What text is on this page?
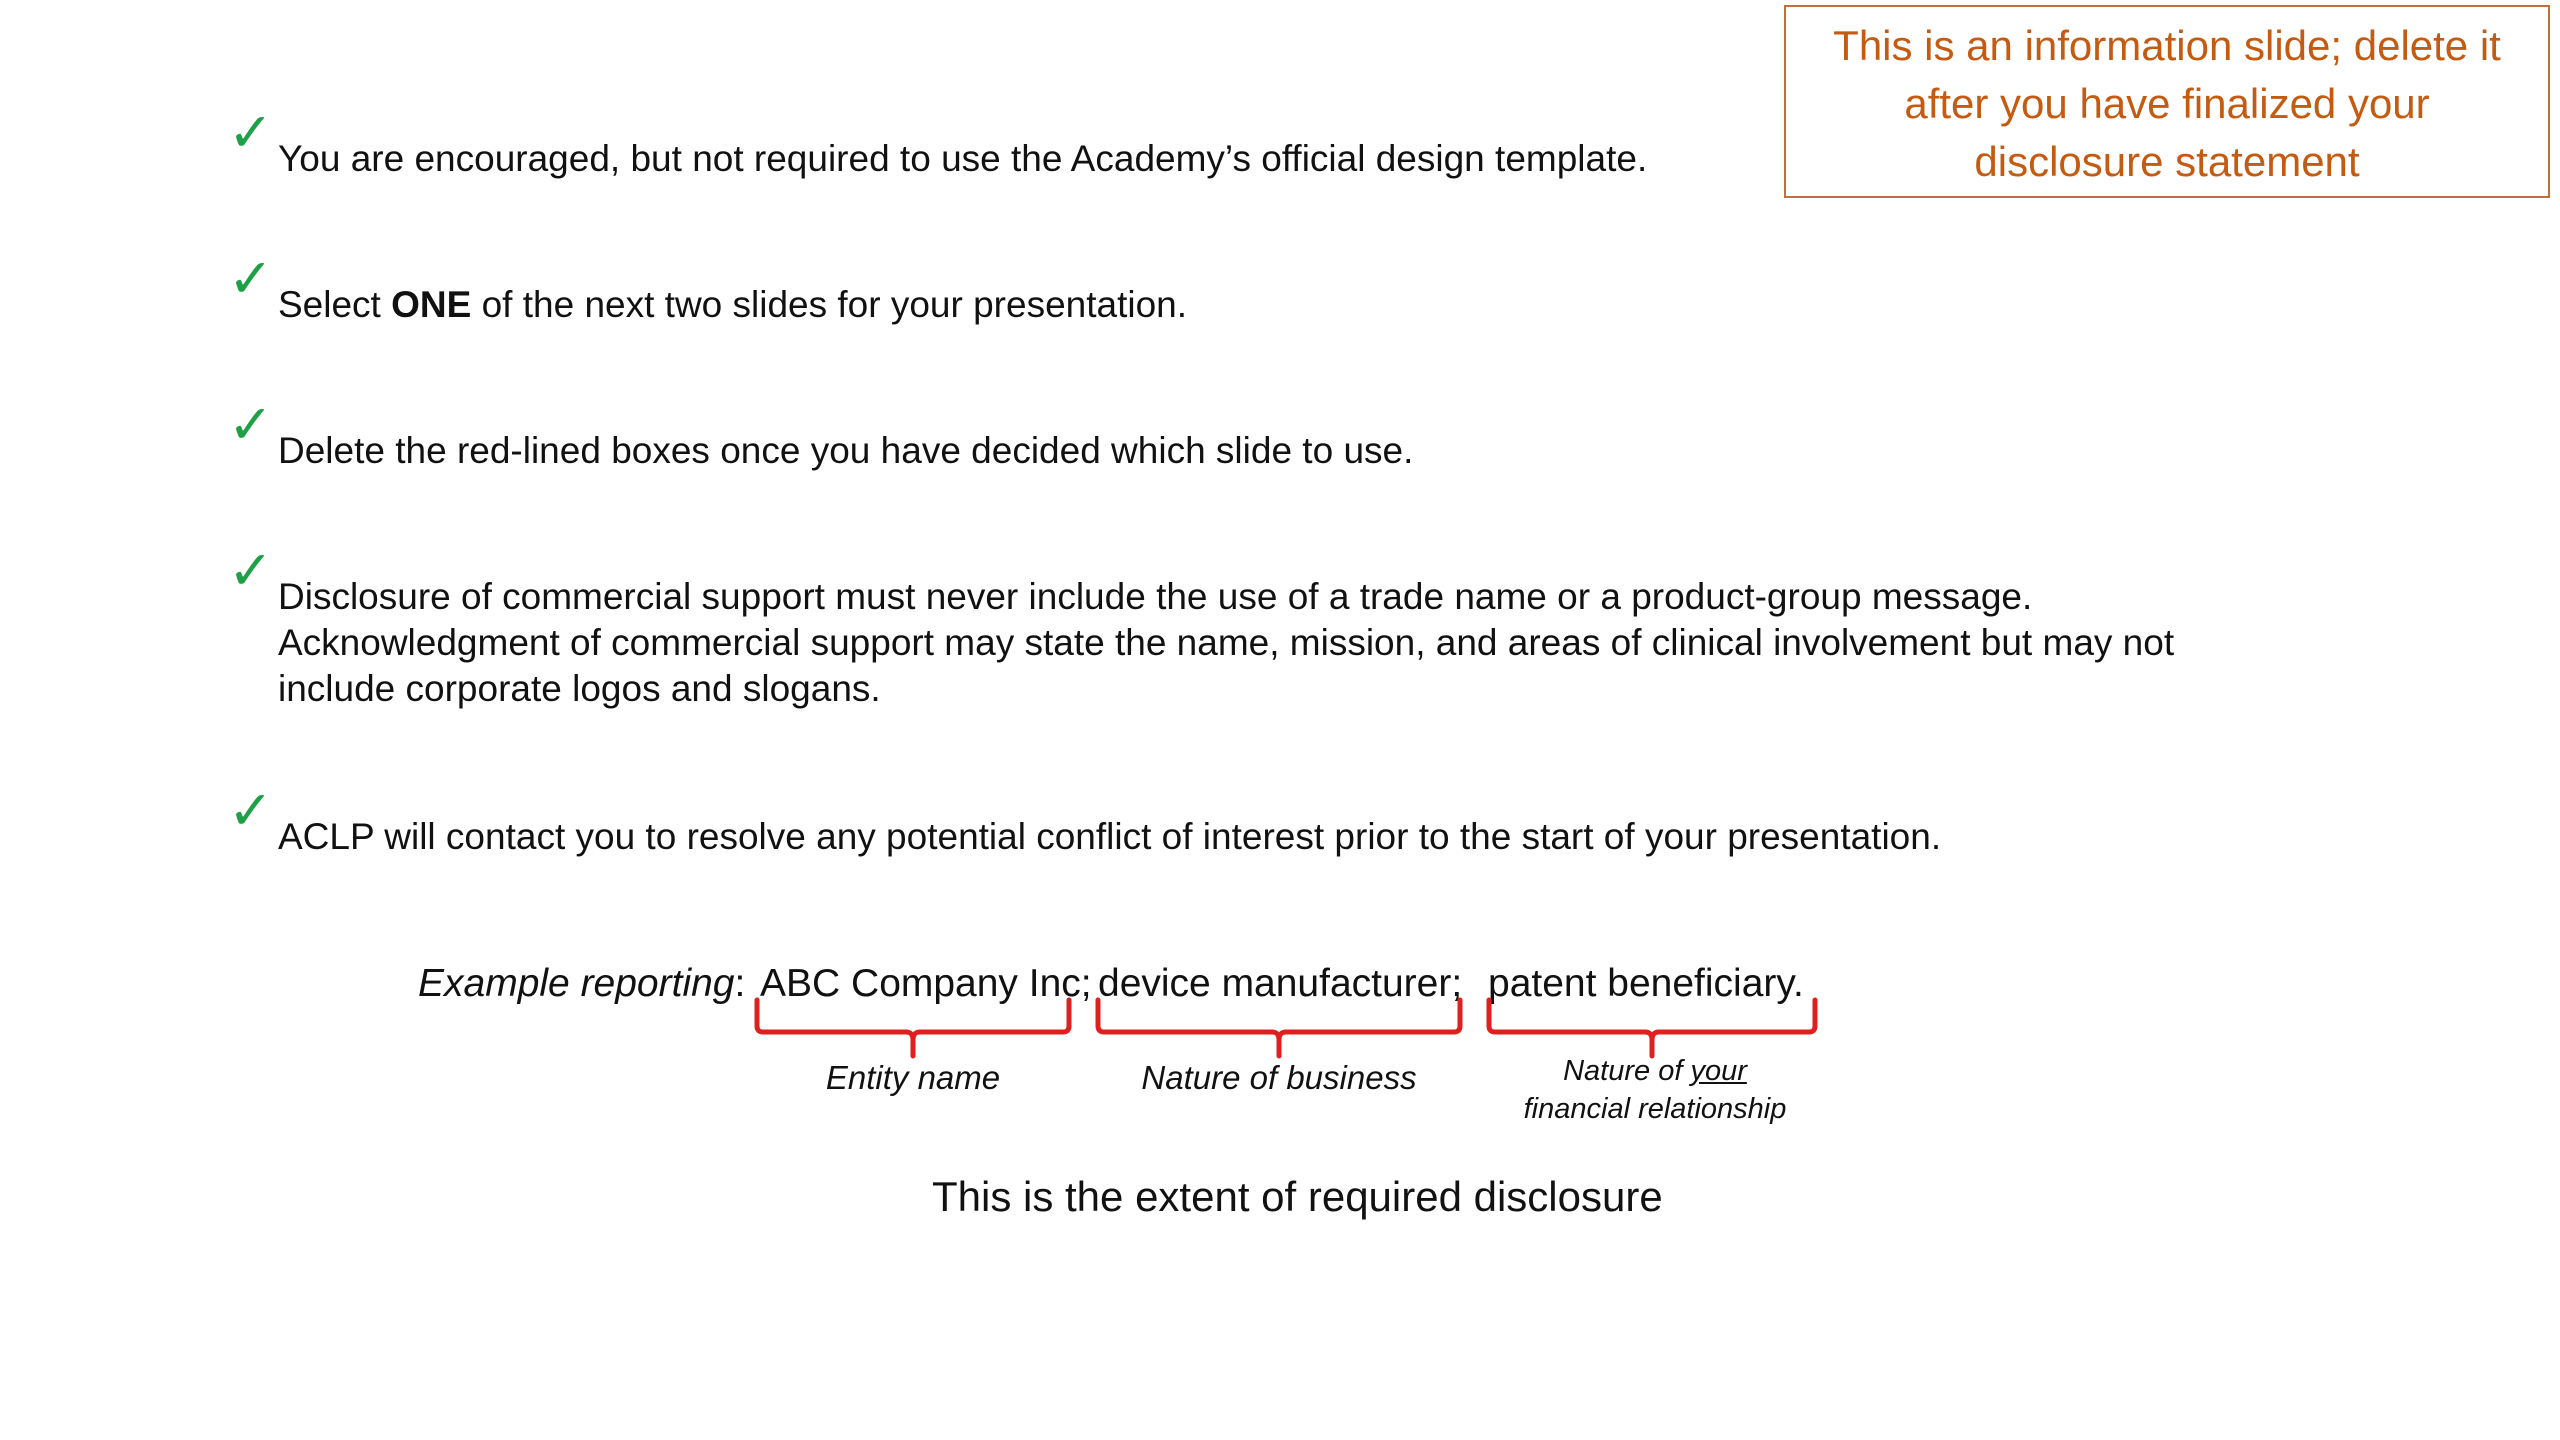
This is an information slide; delete it
after you have finalized your
disclosure statement
✓ You are encouraged, but not required to use the Academy’s official design template.
✓ Select ONE of the next two slides for your presentation.
✓ Delete the red-lined boxes once you have decided which slide to use.
✓ Disclosure of commercial support must never include the use of a trade name or a product-group message.
Acknowledgment of commercial support may state the name, mission, and areas of clinical involvement but may not
include corporate logos and slogans.
✓ ACLP will contact you to resolve any potential conflict of interest prior to the start of your presentation.
Example reporting: ABC Company Inc; device manufacturer; patent beneficiary.
Entity name	Nature of business	Nature of your
financial relationship
This is the extent of required disclosure
